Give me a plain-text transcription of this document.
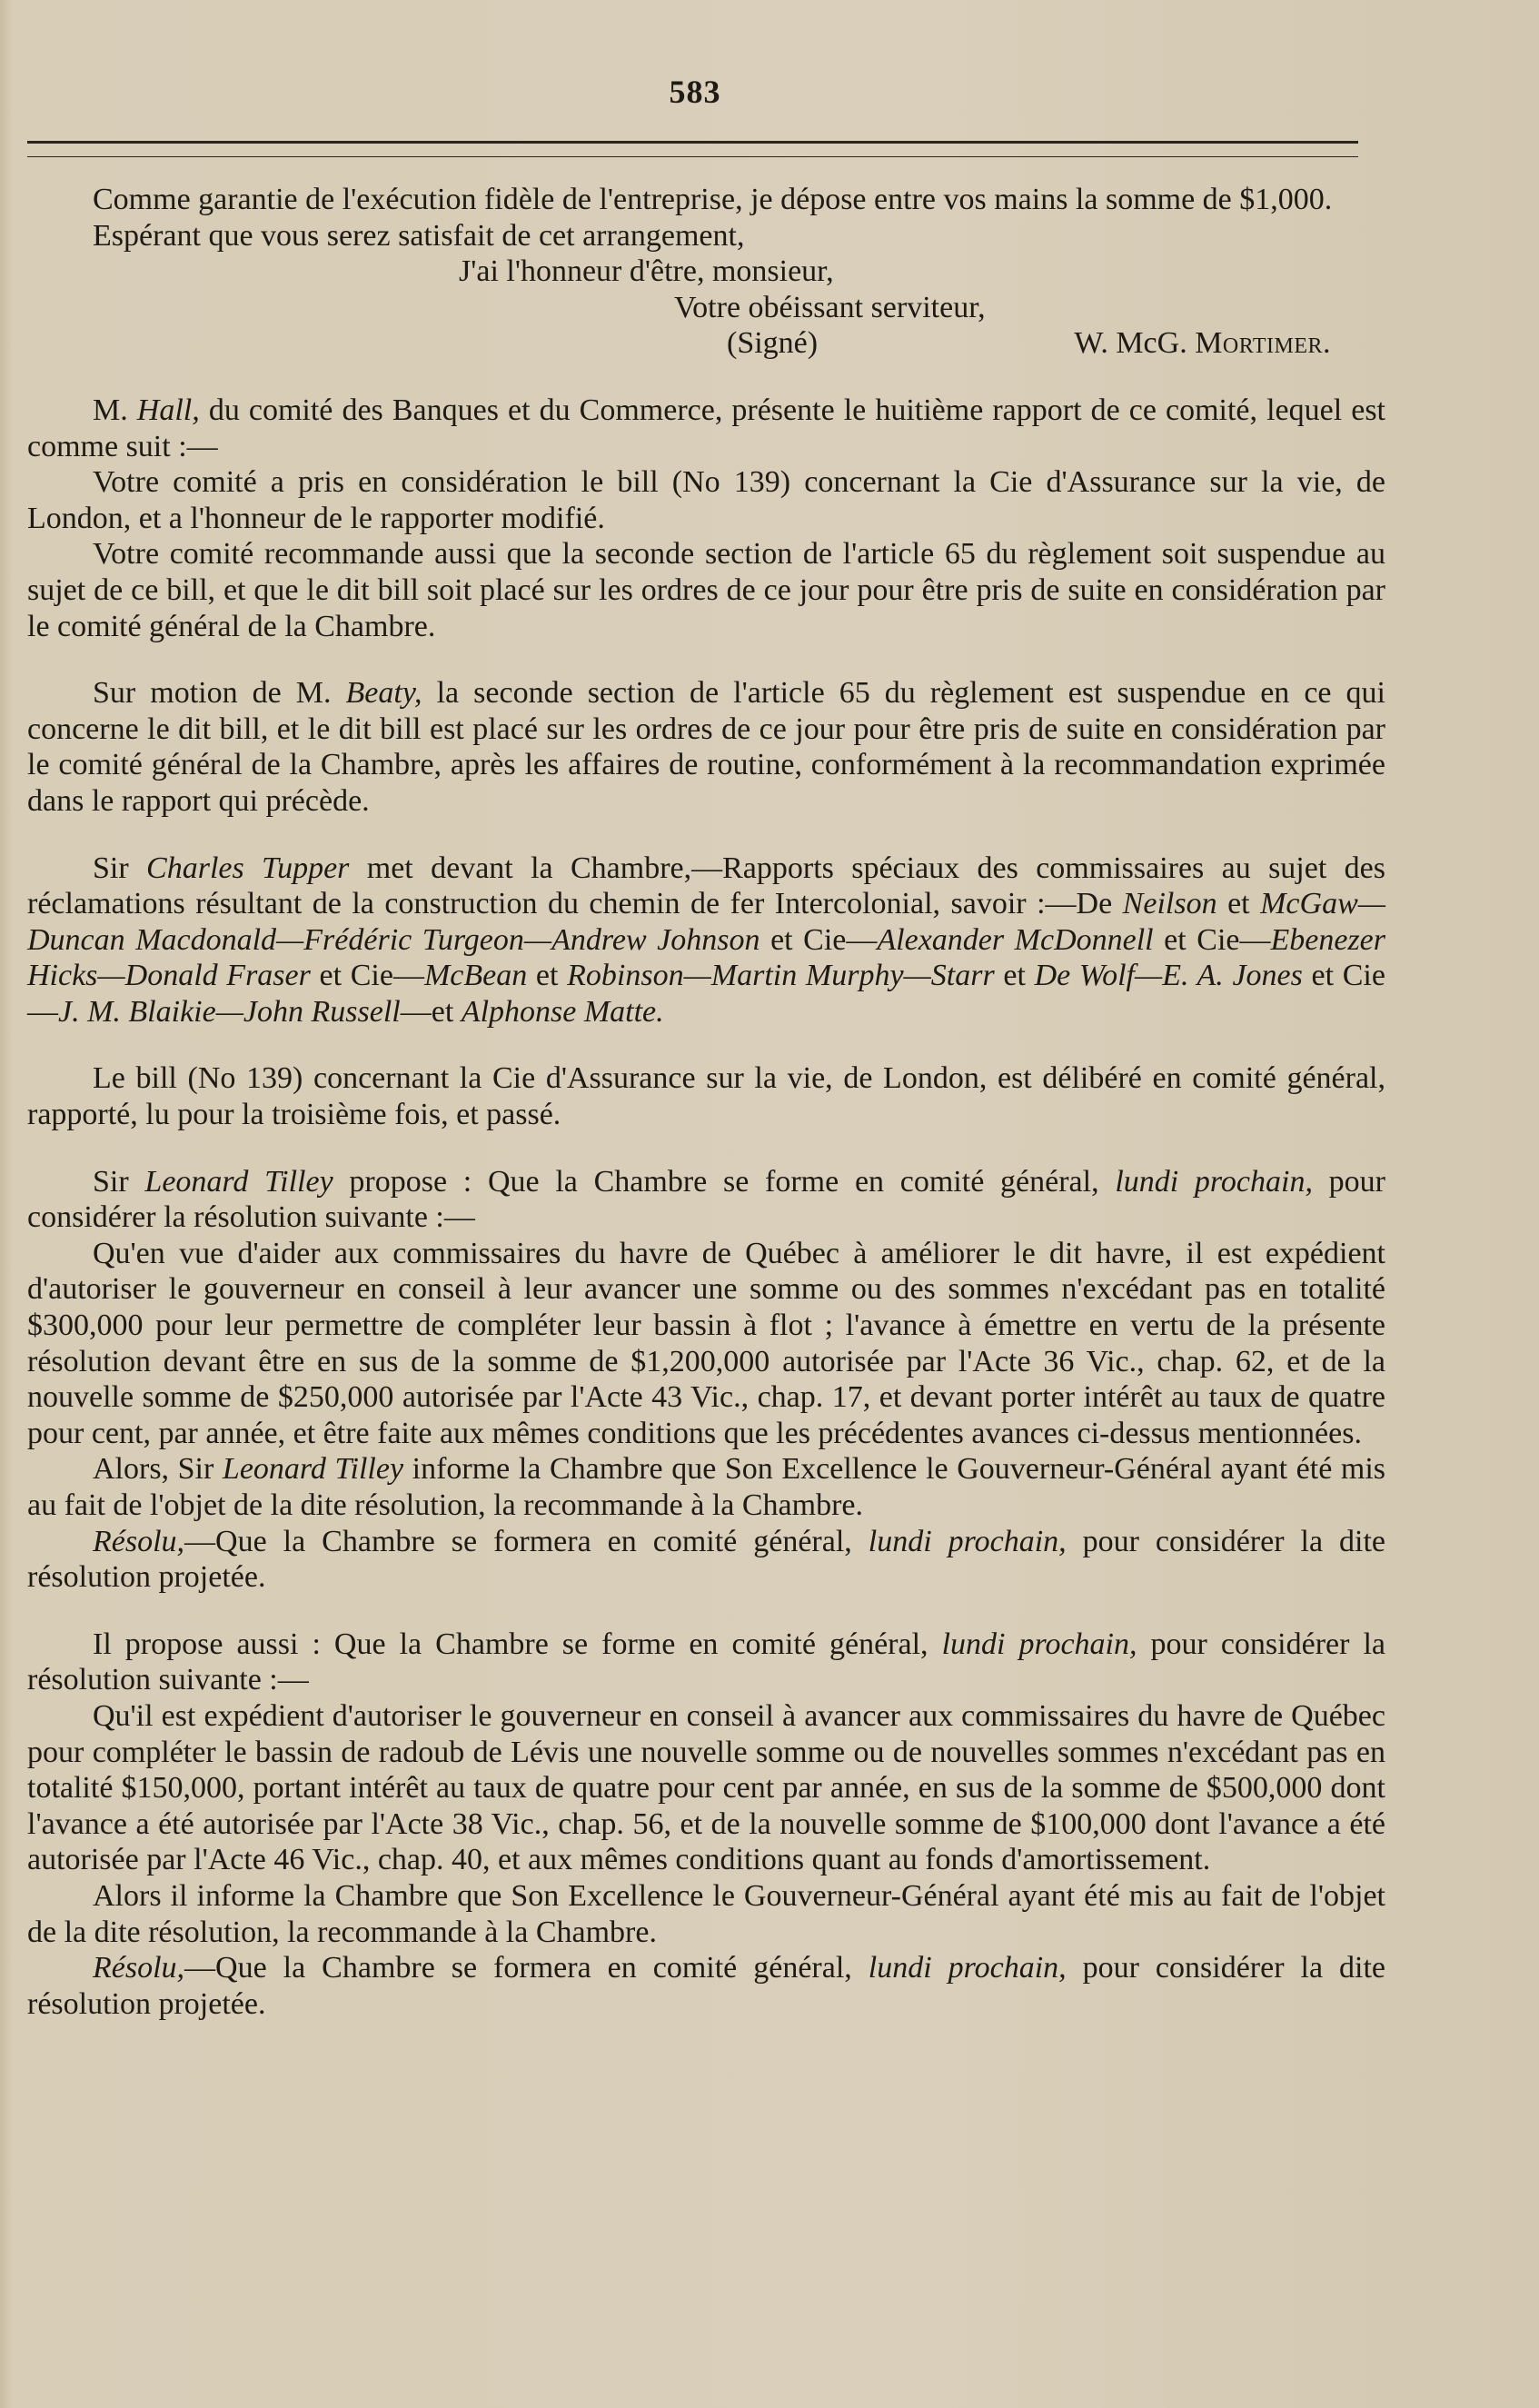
583

Comme garantie de l'exécution fidèle de l'entreprise, je dépose entre vos mains la somme de $1,000.

Espérant que vous serez satisfait de cet arrangement,

J'ai l'honneur d'être, monsieur,

Votre obéissant serviteur,

(Signé)	W. McG. Mortimer.

M. Hall, du comité des Banques et du Commerce, présente le huitième rapport de ce comité, lequel est comme suit :—

Votre comité a pris en considération le bill (No 139) concernant la Cie d'Assurance sur la vie, de London, et a l'honneur de le rapporter modifié.

Votre comité recommande aussi que la seconde section de l'article 65 du règlement soit suspendue au sujet de ce bill, et que le dit bill soit placé sur les ordres de ce jour pour être pris de suite en considération par le comité général de la Chambre.

Sur motion de M. Beaty, la seconde section de l'article 65 du règlement est suspendue en ce qui concerne le dit bill, et le dit bill est placé sur les ordres de ce jour pour être pris de suite en considération par le comité général de la Chambre, après les affaires de routine, conformément à la recommandation exprimée dans le rapport qui précède.

Sir Charles Tupper met devant la Chambre,—Rapports spéciaux des commissaires au sujet des réclamations résultant de la construction du chemin de fer Intercolonial, savoir :—De Neilson et McGaw—Duncan Macdonald—Frédéric Turgeon—Andrew Johnson et Cie—Alexander McDonnell et Cie—Ebenezer Hicks—Donald Fraser et Cie—McBean et Robinson—Martin Murphy—Starr et De Wolf—E. A. Jones et Cie —J. M. Blaikie—John Russell—et Alphonse Matte.

Le bill (No 139) concernant la Cie d'Assurance sur la vie, de London, est délibéré en comité général, rapporté, lu pour la troisième fois, et passé.

Sir Leonard Tilley propose : Que la Chambre se forme en comité général, lundi prochain, pour considérer la résolution suivante :—

Qu'en vue d'aider aux commissaires du havre de Québec à améliorer le dit havre, il est expédient d'autoriser le gouverneur en conseil à leur avancer une somme ou des sommes n'excédant pas en totalité $300,000 pour leur permettre de compléter leur bassin à flot ; l'avance à émettre en vertu de la présente résolution devant être en sus de la somme de $1,200,000 autorisée par l'Acte 36 Vic., chap. 62, et de la nouvelle somme de $250,000 autorisée par l'Acte 43 Vic., chap. 17, et devant porter intérêt au taux de quatre pour cent, par année, et être faite aux mêmes conditions que les précédentes avances ci-dessus mentionnées.

Alors, Sir Leonard Tilley informe la Chambre que Son Excellence le Gouverneur-Général ayant été mis au fait de l'objet de la dite résolution, la recommande à la Chambre.

Résolu,—Que la Chambre se formera en comité général, lundi prochain, pour considérer la dite résolution projetée.

Il propose aussi : Que la Chambre se forme en comité général, lundi prochain, pour considérer la résolution suivante :—

Qu'il est expédient d'autoriser le gouverneur en conseil à avancer aux commissaires du havre de Québec pour compléter le bassin de radoub de Lévis une nouvelle somme ou de nouvelles sommes n'excédant pas en totalité $150,000, portant intérêt au taux de quatre pour cent par année, en sus de la somme de $500,000 dont l'avance a été autorisée par l'Acte 38 Vic., chap. 56, et de la nouvelle somme de $100,000 dont l'avance a été autorisée par l'Acte 46 Vic., chap. 40, et aux mêmes conditions quant au fonds d'amortissement.

Alors il informe la Chambre que Son Excellence le Gouverneur-Général ayant été mis au fait de l'objet de la dite résolution, la recommande à la Chambre.

Résolu,—Que la Chambre se formera en comité général, lundi prochain, pour considérer la dite résolution projetée.
